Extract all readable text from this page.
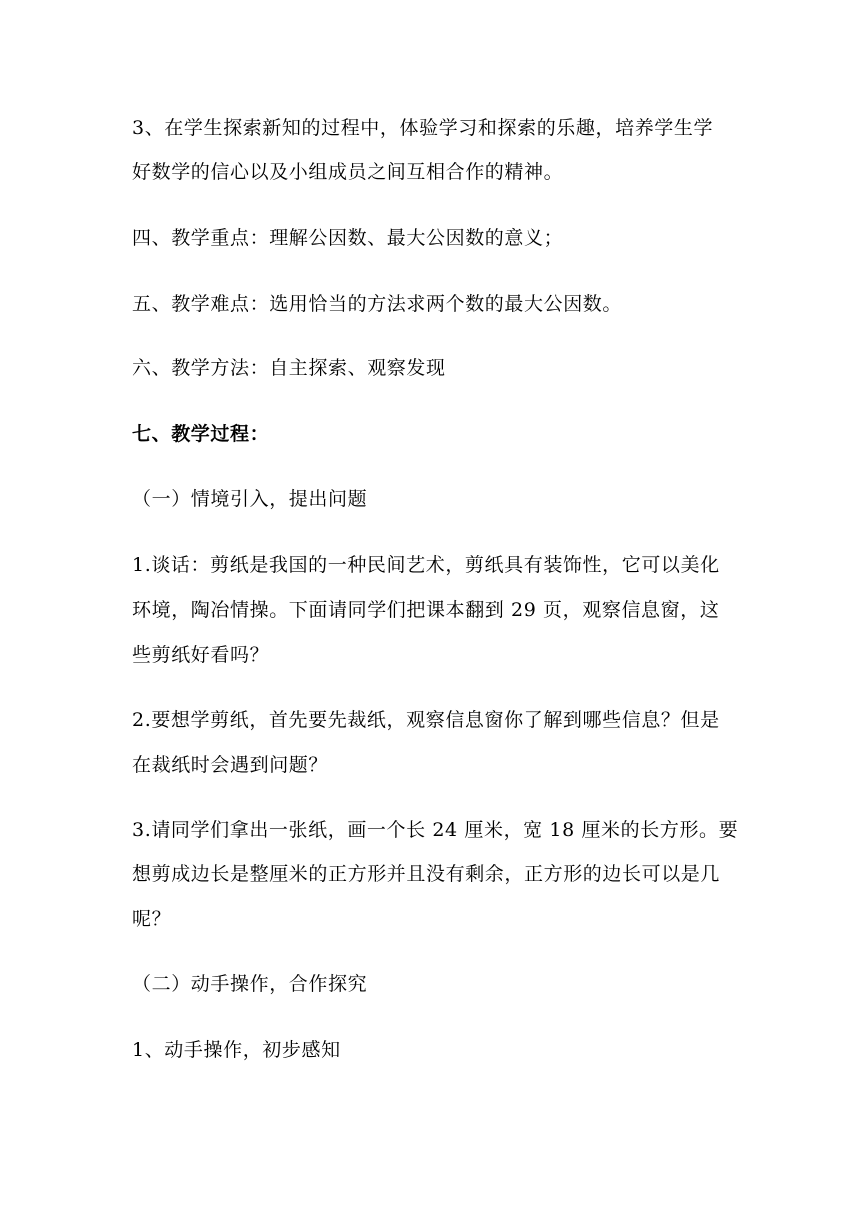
3、在学生探索新知的过程中，体验学习和探索的乐趣，培养学生学
好数学的信心以及小组成员之间互相合作的精神。
四、教学重点：理解公因数、最大公因数的意义；
五、教学难点：选用恰当的方法求两个数的最大公因数。
六、教学方法：自主探索、观察发现
七、教学过程：
（一）情境引入，提出问题
1.谈话：剪纸是我国的一种民间艺术，剪纸具有装饰性，它可以美化
环境，陶冶情操。下面请同学们把课本翻到 29 页，观察信息窗，这
些剪纸好看吗？
2.要想学剪纸，首先要先裁纸，观察信息窗你了解到哪些信息？但是
在裁纸时会遇到问题？
3.请同学们拿出一张纸，画一个长 24 厘米，宽 18 厘米的长方形。要
想剪成边长是整厘米的正方形并且没有剩余，正方形的边长可以是几
呢？
（二）动手操作，合作探究
1、动手操作，初步感知
